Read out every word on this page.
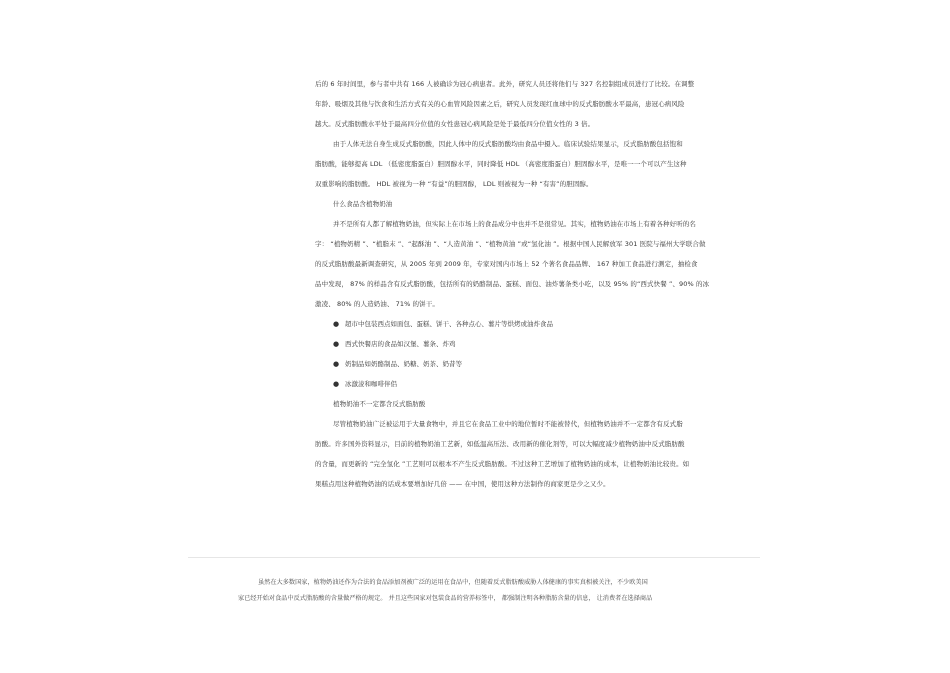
后的 6 年时间里，参与者中共有 166 人被确诊为冠心病患者。此外，研究人员还将他们与 327 名控制组成员进行了比较。在调整

年龄、吸烟及其他与饮食和生活方式有关的心血管风险因素之后，研究人员发现红血球中的反式脂肪酸水平最高，患冠心病风险

越大。反式脂肪酸水平处于最高四分位值的女性患冠心病风险是处于最低四分位值女性的 3 倍。

由于人体无法自身生成反式脂肪酸，因此人体中的反式脂肪酸均由食品中摄入。临床试验结果显示，反式脂肪酸包括饱和

脂肪酸，能够提高 LDL （低密度脂蛋白）胆固醇水平，同时降低 HDL （高密度脂蛋白）胆固醇水平，是唯一一个可以产生这种

双重影响的脂肪酸。 HDL 被视为一种 “有益”的胆固醇， LDL 则被视为一种 “有害”的胆固醇。

什么食品含植物奶油

并不是所有人都了解植物奶油，但实际上在市场上的食品成分中也并不是很常见。其实，植物奶油在市场上有着各种好听的名

字： “植物奶精 ”、“植脂末 ”、“起酥油 ”、“人造黄油 ”、“植物黄油 ”或“氢化油 ”。根据中国人民解放军 301 医院与福州大学联合做

的反式脂肪酸最新调查研究，从 2005 年到 2009 年，专家对国内市场上 52 个著名食品品牌、 167 种加工食品进行测定，抽检食

品中发现， 87% 的样品含有反式脂肪酸，包括所有的奶酪制品、蛋糕、面包、油炸薯条类小吃，以及 95% 的“西式快餐 ”、90% 的冰

激凌、 80% 的人造奶油、 71% 的饼干。

● 超市中包装西点如面包、蛋糕、饼干、各种点心、薯片等烘烤或油炸食品
● 西式快餐店的食品如汉堡、薯条、炸鸡
● 奶制品如奶酪制品、奶糖、奶茶、奶昔等
● 冰激淩和咖啡伴侣

植物奶油不一定都含反式脂肪酸

尽管植物奶油广泛被运用于大量食物中，并且它在食品工业中的地位暂时不能被替代，但植物奶油并不一定都含有反式脂

肪酸。许多国外资料显示，目前的植物奶油工艺新，如低温高压法、改用新的催化剂等，可以大幅度减少植物奶油中反式脂肪酸

的含量，而更新的 “完全氢化 ”工艺则可以根本不产生反式脂肪酸。不过这种工艺增加了植物奶油的成本，让植物奶油比较贵。如

果糕点用这种植物奶油的话成本要增加好几倍 —— 在中国，使用这种方法制作的商家更是少之又少。

虽然在大多数国家，植物奶油还作为合法的食品添加剂被广泛的运用在食品中，但随着反式脂肪酸威胁人体健康的事实真相被关注，不少欧美国

家已经开始对食品中反式脂肪酸的含量做严格的规定。 并且这些国家对包装食品的营养标签中， 都强制注明各种脂肪含量的信息， 让消费者在选择商品
